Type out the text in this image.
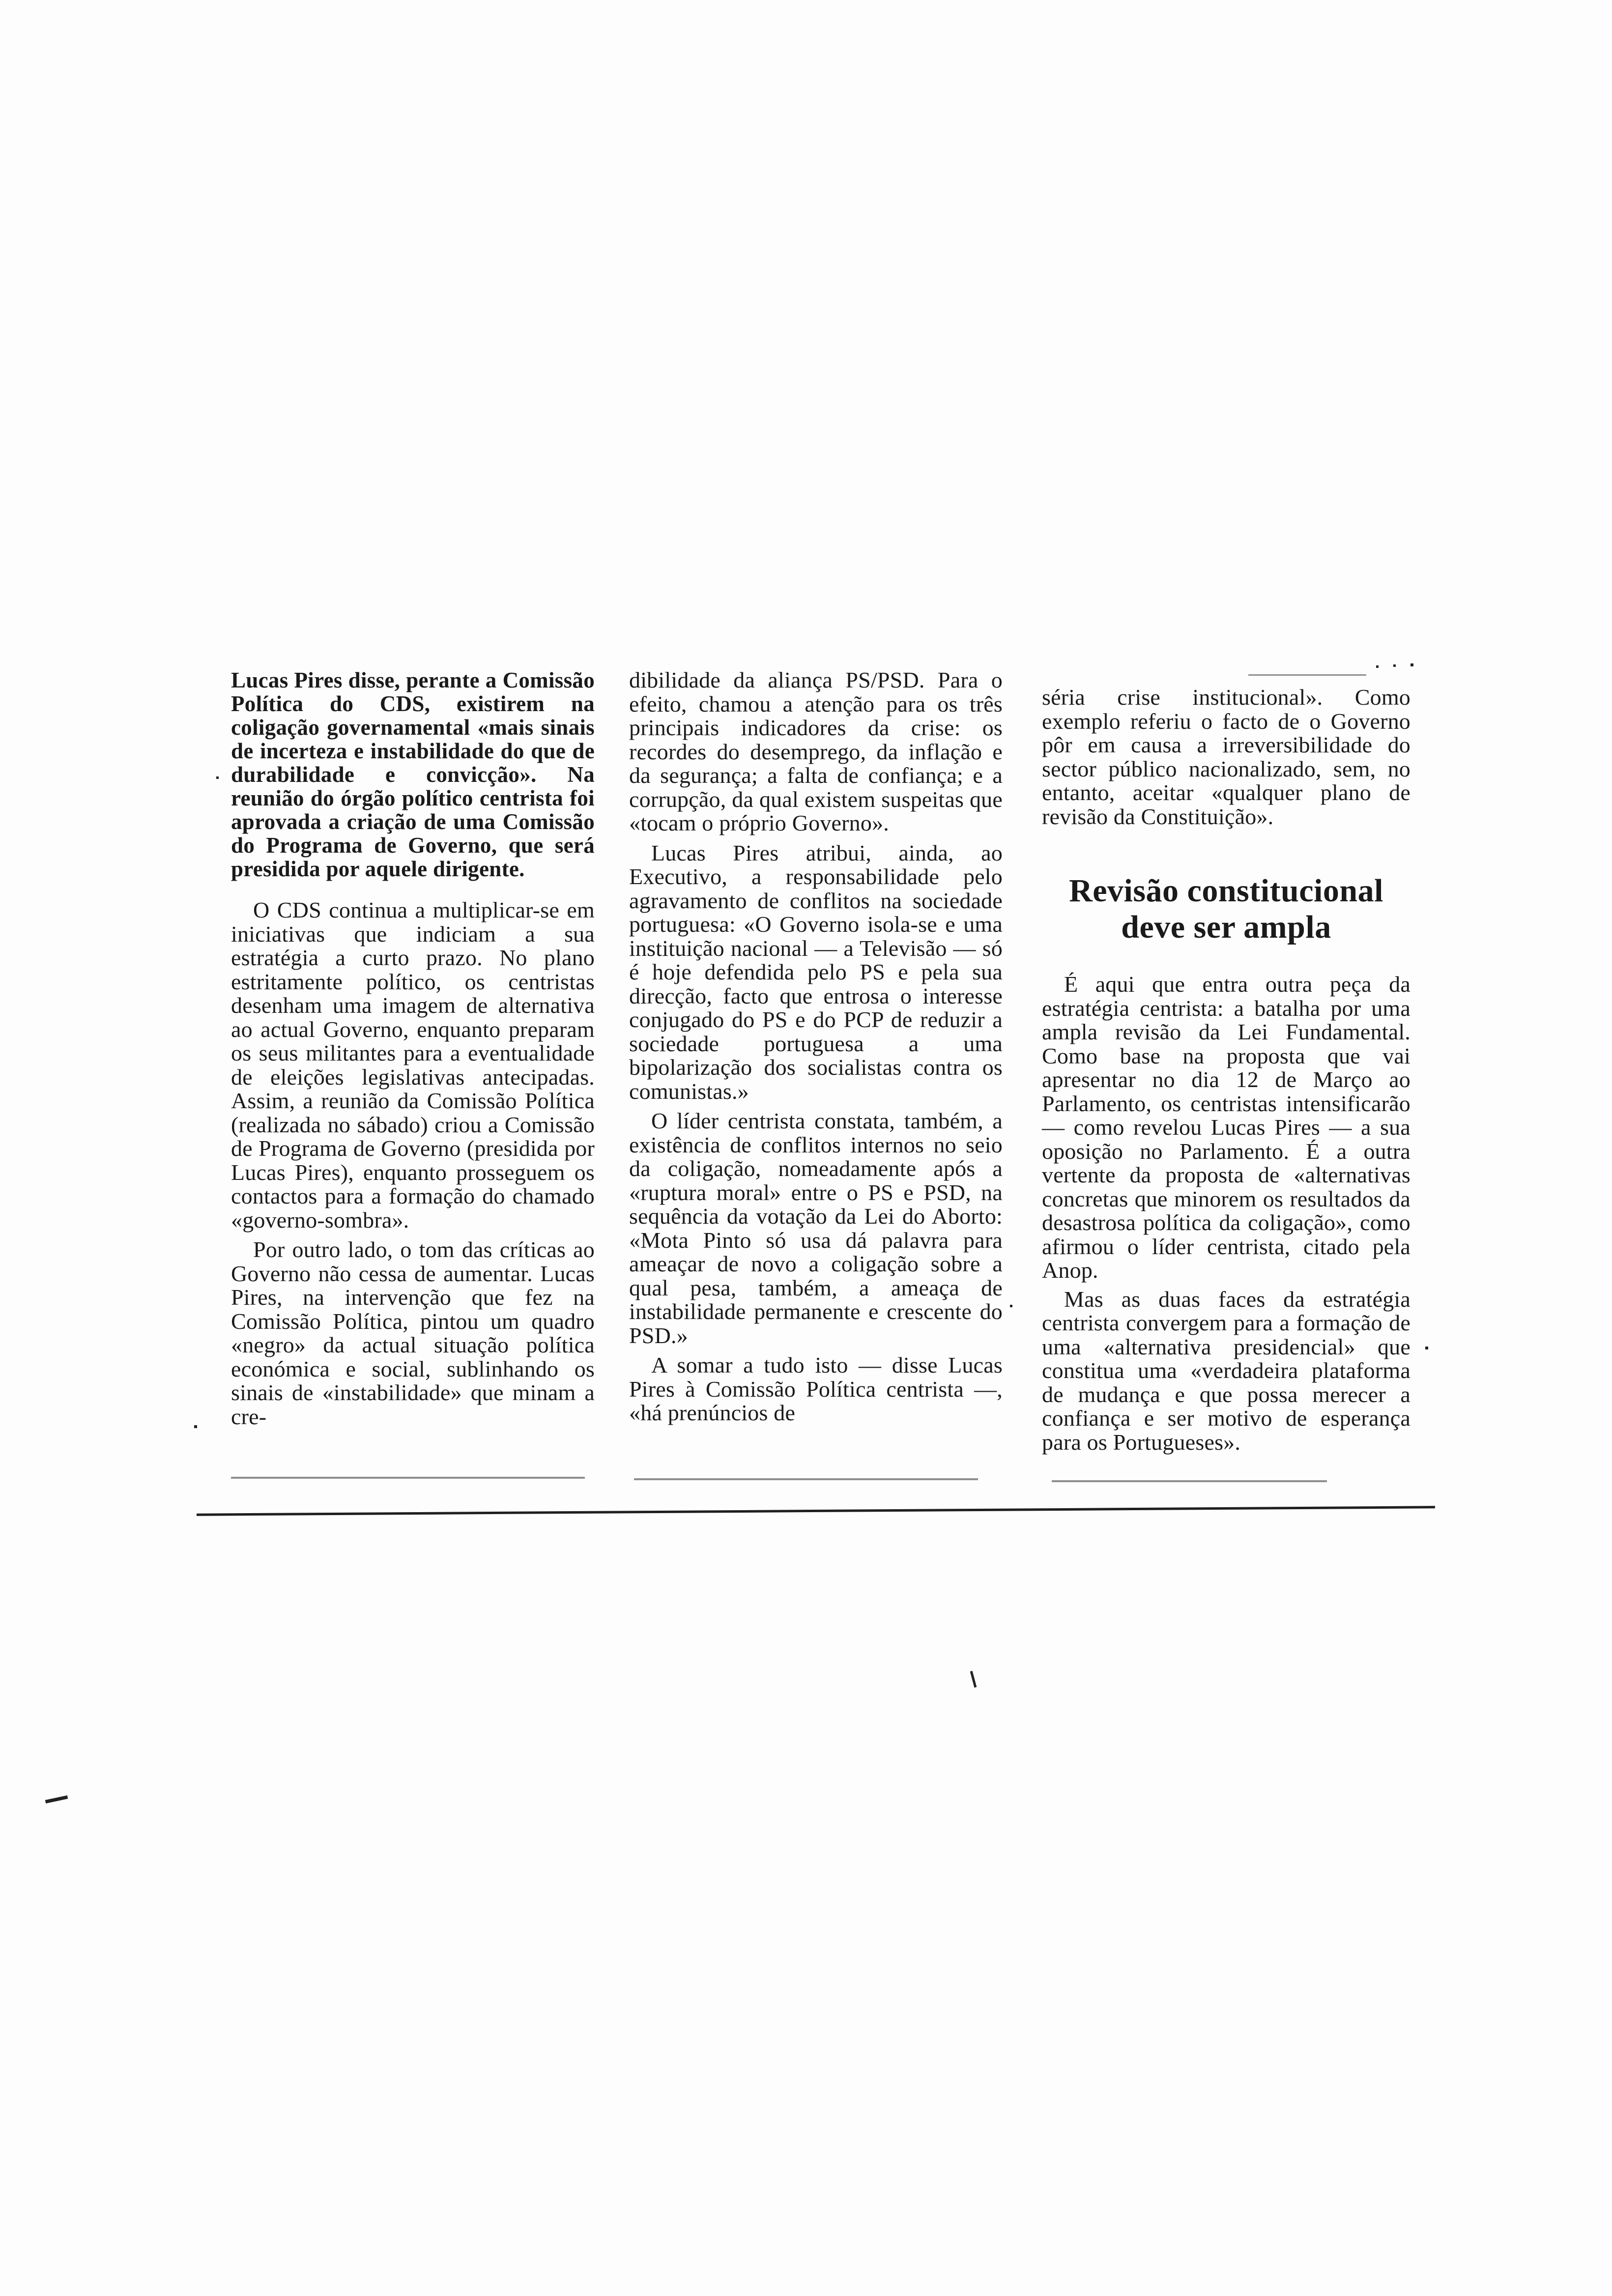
Lucas Pires disse, perante a Comissão Política do CDS, existirem na coligação governamental «mais sinais de incerteza e instabilidade do que de durabilidade e convicção». Na reunião do órgão político centrista foi aprovada a criação de uma Comissão do Programa de Governo, que será presidida por aquele dirigente.

O CDS continua a multiplicar-se em iniciativas que indiciam a sua estratégia a curto prazo. No plano estritamente político, os centristas desenham uma imagem de alternativa ao actual Governo, enquanto preparam os seus militantes para a eventualidade de eleições legislativas antecipadas. Assim, a reunião da Comissão Política (realizada no sábado) criou a Comissão de Programa de Governo (presidida por Lucas Pires), enquanto prosseguem os contactos para a formação do chamado «governo-sombra».

Por outro lado, o tom das críticas ao Governo não cessa de aumentar. Lucas Pires, na intervenção que fez na Comissão Política, pintou um quadro «negro» da actual situação política económica e social, sublinhando os sinais de «instabilidade» que minam a cre-

dibilidade da aliança PS/PSD. Para o efeito, chamou a atenção para os três principais indicadores da crise: os recordes do desemprego, da inflação e da segurança; a falta de confiança; e a corrupção, da qual existem suspeitas que «tocam o próprio Governo».

Lucas Pires atribui, ainda, ao Executivo, a responsabilidade pelo agravamento de conflitos na sociedade portuguesa: «O Governo isola-se e uma instituição nacional — a Televisão — só é hoje defendida pelo PS e pela sua direcção, facto que entrosa o interesse conjugado do PS e do PCP de reduzir a sociedade portuguesa a uma bipolarização dos socialistas contra os comunistas.»

O líder centrista constata, também, a existência de conflitos internos no seio da coligação, nomeadamente após a «ruptura moral» entre o PS e PSD, na sequência da votação da Lei do Aborto: «Mota Pinto só usa dá palavra para ameaçar de novo a coligação sobre a qual pesa, também, a ameaça de instabilidade permanente e crescente do PSD.»

A somar a tudo isto — disse Lucas Pires à Comissão Política centrista —, «há prenúncios de

séria crise institucional». Como exemplo referiu o facto de o Governo pôr em causa a irreversibilidade do sector público nacionalizado, sem, no entanto, aceitar «qualquer plano de revisão da Constituição».

Revisão constitucional deve ser ampla

É aqui que entra outra peça da estratégia centrista: a batalha por uma ampla revisão da Lei Fundamental. Como base na proposta que vai apresentar no dia 12 de Março ao Parlamento, os centristas intensificarão — como revelou Lucas Pires — a sua oposição no Parlamento. É a outra vertente da proposta de «alternativas concretas que minorem os resultados da desastrosa política da coligação», como afirmou o líder centrista, citado pela Anop.

Mas as duas faces da estratégia centrista convergem para a formação de uma «alternativa presidencial» que constitua uma «verdadeira plataforma de mudança e que possa merecer a confiança e ser motivo de esperança para os Portugueses».
